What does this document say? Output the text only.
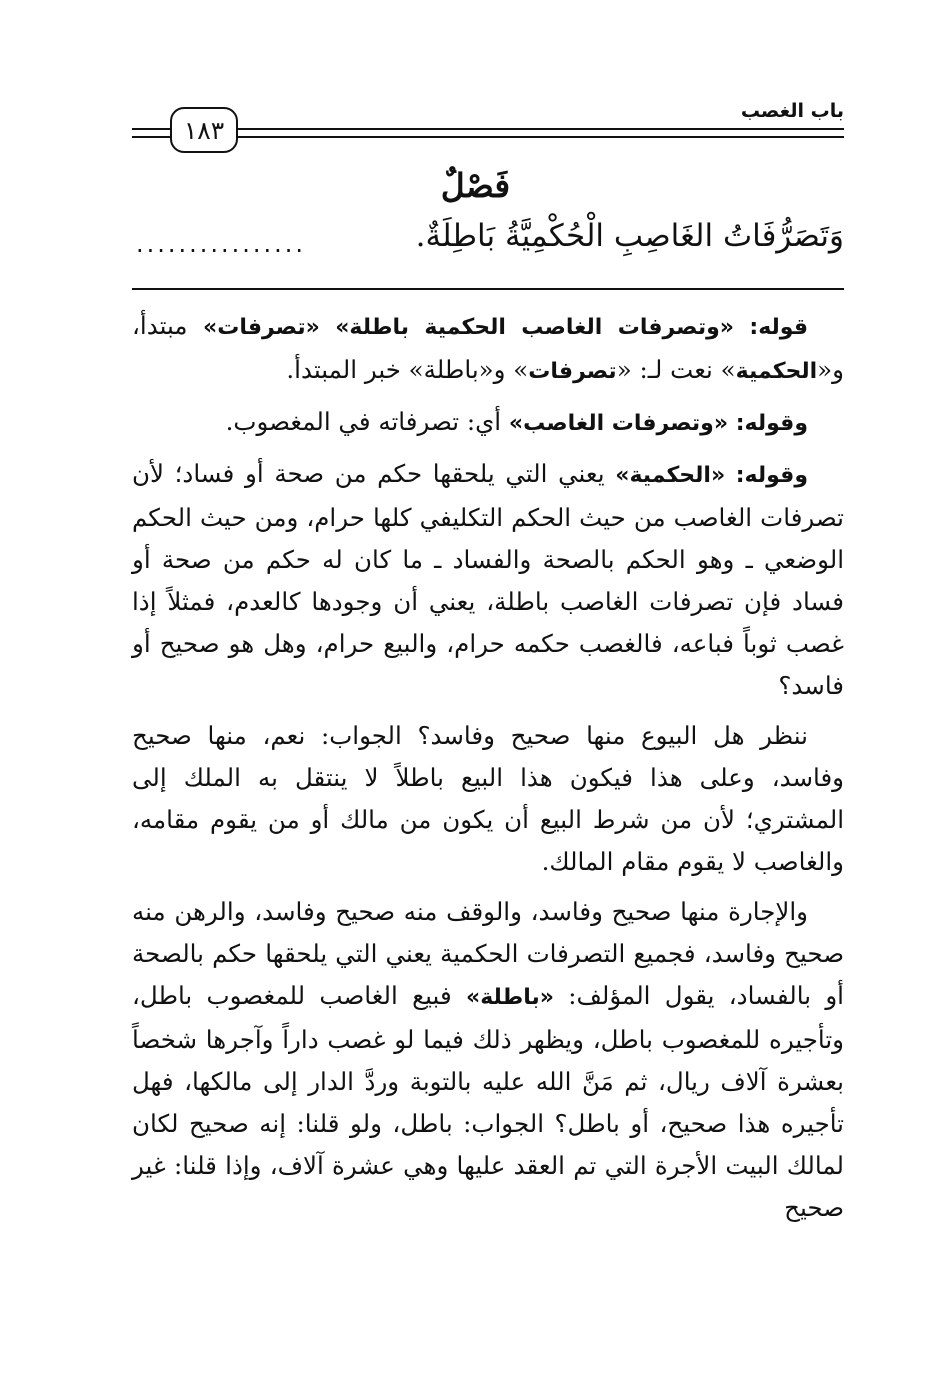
باب الغصب
١٨٣
فَصْلٌ
وَتَصَرُّفَاتُ الغَاصِبِ الْحُكْمِيَّةُ بَاطِلَةٌ.
................

قوله: «وتصرفات الغاصب الحكمية باطلة» «تصرفات» مبتدأ، و«الحكمية» نعت لـ: «تصرفات» و«باطلة» خبر المبتدأ.

وقوله: «وتصرفات الغاصب» أي: تصرفاته في المغصوب.

وقوله: «الحكمية» يعني التي يلحقها حكم من صحة أو فساد؛ لأن تصرفات الغاصب من حيث الحكم التكليفي كلها حرام، ومن حيث الحكم الوضعي ـ وهو الحكم بالصحة والفساد ـ ما كان له حكم من صحة أو فساد فإن تصرفات الغاصب باطلة، يعني أن وجودها كالعدم، فمثلاً إذا غصب ثوباً فباعه، فالغصب حكمه حرام، والبيع حرام، وهل هو صحيح أو فاسد؟

ننظر هل البيوع منها صحيح وفاسد؟ الجواب: نعم، منها صحيح وفاسد، وعلى هذا فيكون هذا البيع باطلاً لا ينتقل به الملك إلى المشتري؛ لأن من شرط البيع أن يكون من مالك أو من يقوم مقامه، والغاصب لا يقوم مقام المالك.

والإجارة منها صحيح وفاسد، والوقف منه صحيح وفاسد، والرهن منه صحيح وفاسد، فجميع التصرفات الحكمية يعني التي يلحقها حكم بالصحة أو بالفساد، يقول المؤلف: «باطلة» فبيع الغاصب للمغصوب باطل، وتأجيره للمغصوب باطل، ويظهر ذلك فيما لو غصب داراً وآجرها شخصاً بعشرة آلاف ريال، ثم مَنَّ الله عليه بالتوبة وردَّ الدار إلى مالكها، فهل تأجيره هذا صحيح، أو باطل؟ الجواب: باطل، ولو قلنا: إنه صحيح لكان لمالك البيت الأجرة التي تم العقد عليها وهي عشرة آلاف، وإذا قلنا: غير صحيح
